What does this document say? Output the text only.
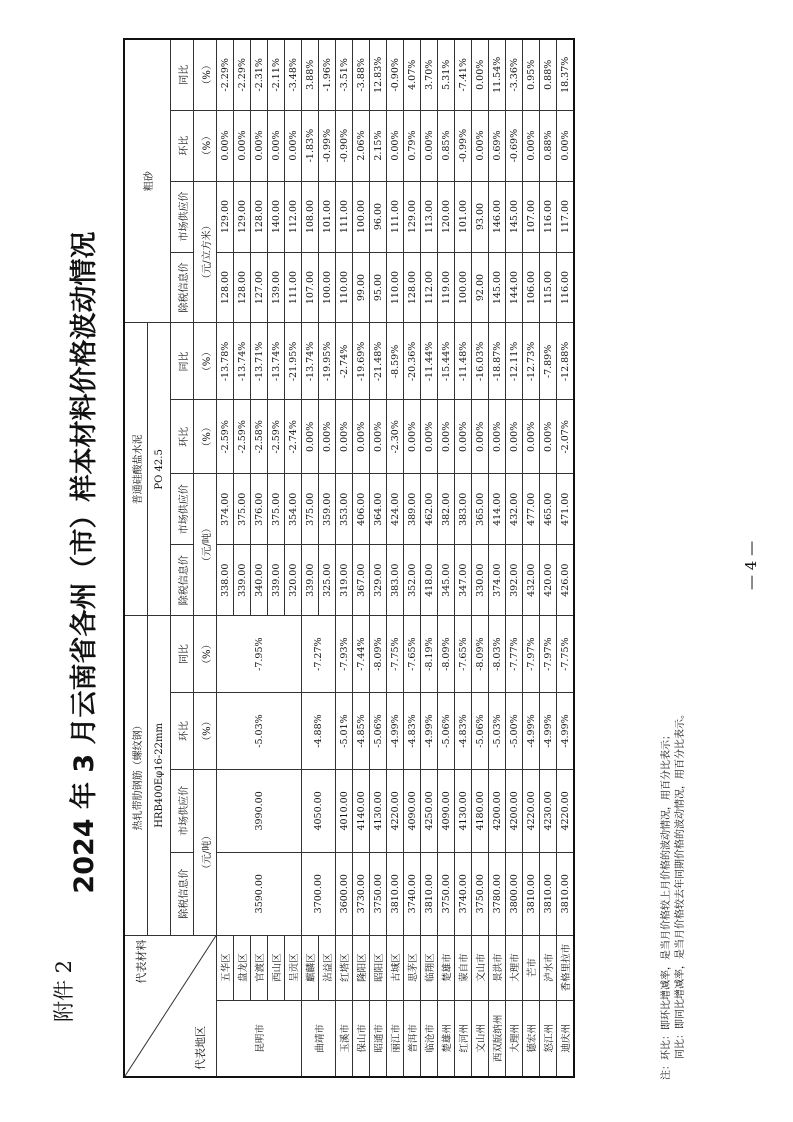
附件 2
— 4 —
2024 年 3 月云南省各州（市）样本材料价格波动情况
代表材料
代表地区		热轧带肋钢筋（螺纹钢）				普通硅酸盐水泥				粗砂			
		HRB400Eφ16-22mm				PO 42.5							
		除税信息价	市场供应价	环比	同比	除税信息价	市场供应价	环比	同比	除税信息价	市场供应价	环比	同比
		（元/吨）		（%）	（%）	（元/吨）		（%）	（%）	（元/立方米）		（%）	（%）
昆明市	五华区	3590.00	3990.00	-5.03%	-7.95%	338.00	374.00	-2.59%	-13.78%	128.00	129.00	0.00%	-2.29%
	盘龙区					339.00	375.00	-2.59%	-13.74%	128.00	129.00	0.00%	-2.29%
	官渡区					340.00	376.00	-2.58%	-13.71%	127.00	128.00	0.00%	-2.31%
	西山区					339.00	375.00	-2.59%	-13.74%	139.00	140.00	0.00%	-2.11%
	呈贡区					320.00	354.00	-2.74%	-21.95%	111.00	112.00	0.00%	-3.48%
曲靖市	麒麟区	3700.00	4050.00	-4.88%	-7.27%	339.00	375.00	0.00%	-13.74%	107.00	108.00	-1.83%	3.88%
	沾益区					325.00	359.00	0.00%	-19.95%	100.00	101.00	-0.99%	-1.96%
玉溪市	红塔区	3600.00	4010.00	-5.01%	-7.93%	319.00	353.00	0.00%	-2.74%	110.00	111.00	-0.90%	-3.51%
保山市	隆阳区	3730.00	4140.00	-4.85%	-7.44%	367.00	406.00	0.00%	-19.69%	99.00	100.00	2.06%	-3.88%
昭通市	昭阳区	3750.00	4130.00	-5.06%	-8.09%	329.00	364.00	0.00%	-21.48%	95.00	96.00	2.15%	12.83%
丽江市	古城区	3810.00	4220.00	-4.99%	-7.75%	383.00	424.00	-2.30%	-8.59%	110.00	111.00	0.00%	-0.90%
普洱市	思茅区	3740.00	4090.00	-4.83%	-7.65%	352.00	389.00	0.00%	-20.36%	128.00	129.00	0.79%	4.07%
临沧市	临翔区	3810.00	4250.00	-4.99%	-8.19%	418.00	462.00	0.00%	-11.44%	112.00	113.00	0.00%	3.70%
楚雄州	楚雄市	3750.00	4090.00	-5.06%	-8.09%	345.00	382.00	0.00%	-15.44%	119.00	120.00	0.85%	5.31%
红河州	蒙自市	3740.00	4130.00	-4.83%	-7.65%	347.00	383.00	0.00%	-11.48%	100.00	101.00	-0.99%	-7.41%
文山州	文山市	3750.00	4180.00	-5.06%	-8.09%	330.00	365.00	0.00%	-16.03%	92.00	93.00	0.00%	0.00%
西双版纳州	景洪市	3780.00	4200.00	-5.03%	-8.03%	374.00	414.00	0.00%	-18.87%	145.00	146.00	0.69%	11.54%
大理州	大理市	3800.00	4200.00	-5.00%	-7.77%	392.00	432.00	0.00%	-12.11%	144.00	145.00	-0.69%	-3.36%
德宏州	芒市	3810.00	4220.00	-4.99%	-7.97%	432.00	477.00	0.00%	-12.73%	106.00	107.00	0.00%	0.95%
怒江州	泸水市	3810.00	4230.00	-4.99%	-7.97%	420.00	465.00	0.00%	-7.89%	115.00	116.00	0.88%	0.88%
迪庆州	香格里拉市	3810.00	4220.00	-4.99%	-7.75%	426.00	471.00	-2.07%	-12.88%	116.00	117.00	0.00%	18.37%
注：环比：即环比增减率，是当月价格较上月价格的波动情况，用百分比表示； 同比：即同比增减率，是当月价格较去年同期价格的波动情况，用百分比表示。
